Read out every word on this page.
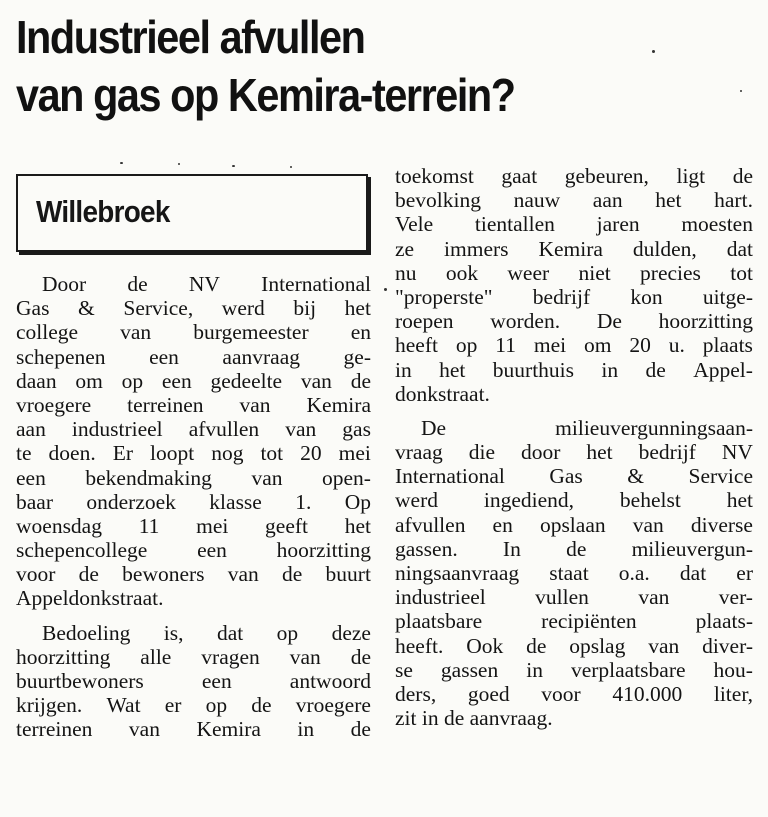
Industrieel afvullen
van gas op Kemira-terrein?
Willebroek
Door de NV International
Gas & Service, werd bij het
college van burgemeester en
schepenen een aanvraag ge-
daan om op een gedeelte van de
vroegere terreinen van Kemira
aan industrieel afvullen van gas
te doen. Er loopt nog tot 20 mei
een bekendmaking van open-
baar onderzoek klasse 1. Op
woensdag 11 mei geeft het
schepencollege een hoorzitting
voor de bewoners van de buurt
Appeldonkstraat.
Bedoeling is, dat op deze
hoorzitting alle vragen van de
buurtbewoners	een	antwoord
krijgen. Wat er op de vroegere
terreinen van Kemira in de
toekomst gaat gebeuren, ligt de
bevolking nauw aan het hart.
Vele tientallen jaren moesten
ze immers Kemira dulden, dat
nu ook weer niet precies tot
"properste" bedrijf kon uitge-
roepen worden. De hoorzitting
heeft op 11 mei om 20 u. plaats
in het buurthuis in de Appel-
donkstraat.
De	milieuvergunningsaan-
vraag die door het bedrijf NV
International Gas & Service
werd ingediend, behelst het
afvullen en opslaan van diverse
gassen. In de milieuvergun-
ningsaanvraag staat o.a. dat er
industrieel vullen van ver-
plaatsbare	recipiënten	plaats-
heeft. Ook de opslag van diver-
se gassen in verplaatsbare hou-
ders, goed voor 410.000 liter,
zit in de aanvraag.
